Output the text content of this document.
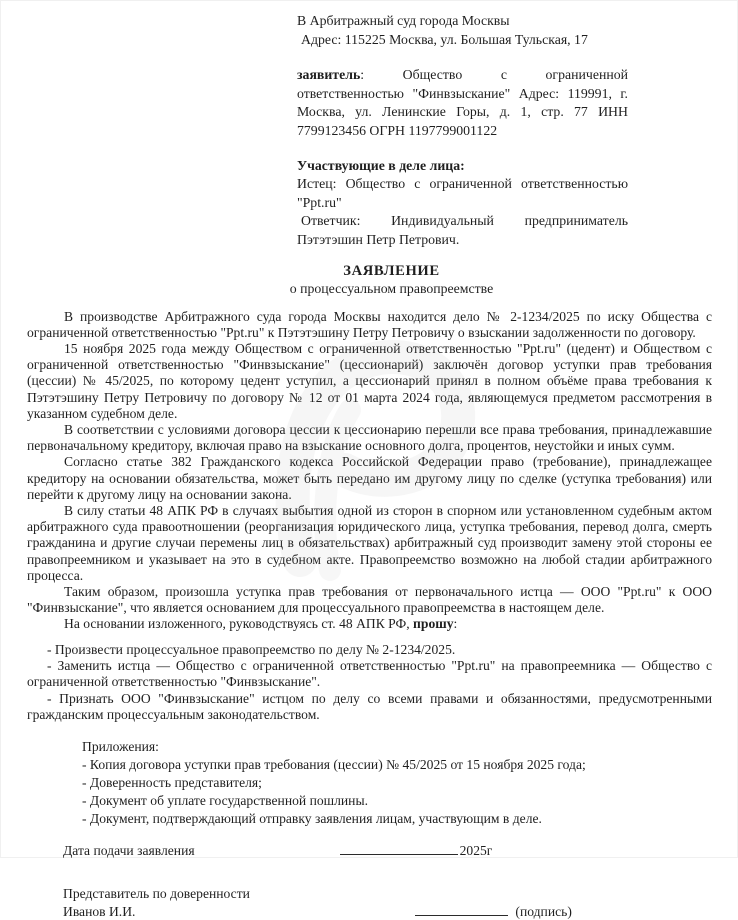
В Арбитражный суд города Москвы
Адрес: 115225 Москва, ул. Большая Тульская, 17

заявитель: Общество с ограниченной ответственностью "Финвзыскание" Адрес: 119991, г. Москва, ул. Ленинские Горы, д. 1, стр. 77 ИНН 7799123456 ОГРН 1197799001122

Участвующие в деле лица:

Истец: Общество с ограниченной ответственностью "Ppt.ru"

Ответчик: Индивидуальный предприниматель Пэтэтэшин Петр Петрович.

ЗАЯВЛЕНИЕ
о процессуальном правопреемстве

В производстве Арбитражного суда города Москвы находится дело № 2-1234/2025 по иску Общества с ограниченной ответственностью "Ppt.ru" к Пэтэтэшину Петру Петровичу о взыскании задолженности по договору.

15 ноября 2025 года между Обществом с ограниченной ответственностью "Ppt.ru" (цедент) и Обществом с ограниченной ответственностью "Финвзыскание" (цессионарий) заключён договор уступки прав требования (цессии) № 45/2025, по которому цедент уступил, а цессионарий принял в полном объёме права требования к Пэтэтэшину Петру Петровичу по договору № 12 от 01 марта 2024 года, являющемуся предметом рассмотрения в указанном судебном деле.

В соответствии с условиями договора цессии к цессионарию перешли все права требования, принадлежавшие первоначальному кредитору, включая право на взыскание основного долга, процентов, неустойки и иных сумм.

Согласно статье 382 Гражданского кодекса Российской Федерации право (требование), принадлежащее кредитору на основании обязательства, может быть передано им другому лицу по сделке (уступка требования) или перейти к другому лицу на основании закона.

В силу статьи 48 АПК РФ в случаях выбытия одной из сторон в спорном или установленном судебным актом арбитражного суда правоотношении (реорганизация юридического лица, уступка требования, перевод долга, смерть гражданина и другие случаи перемены лиц в обязательствах) арбитражный суд производит замену этой стороны ее правопреемником и указывает на это в судебном акте. Правопреемство возможно на любой стадии арбитражного процесса.

Таким образом, произошла уступка прав требования от первоначального истца — ООО "Ppt.ru" к ООО "Финвзыскание", что является основанием для процессуального правопреемства в настоящем деле.

На основании изложенного, руководствуясь ст. 48 АПК РФ, прошу:

- Произвести процессуальное правопреемство по делу № 2-1234/2025.

- Заменить истца — Общество с ограниченной ответственностью "Ppt.ru" на правопреемника — Общество с ограниченной ответственностью "Финвзыскание".

- Признать ООО "Финвзыскание" истцом по делу со всеми правами и обязанностями, предусмотренными гражданским процессуальным законодательством.

Приложения:
- Копия договора уступки прав требования (цессии) № 45/2025 от 15 ноября 2025 года;
- Доверенность представителя;
- Документ об уплате государственной пошлины.
- Документ, подтверждающий отправку заявления лицам, участвующим в деле.
Дата подачи заявления	2025г
Представитель по доверенности
Иванов И.И.	(подпись)
